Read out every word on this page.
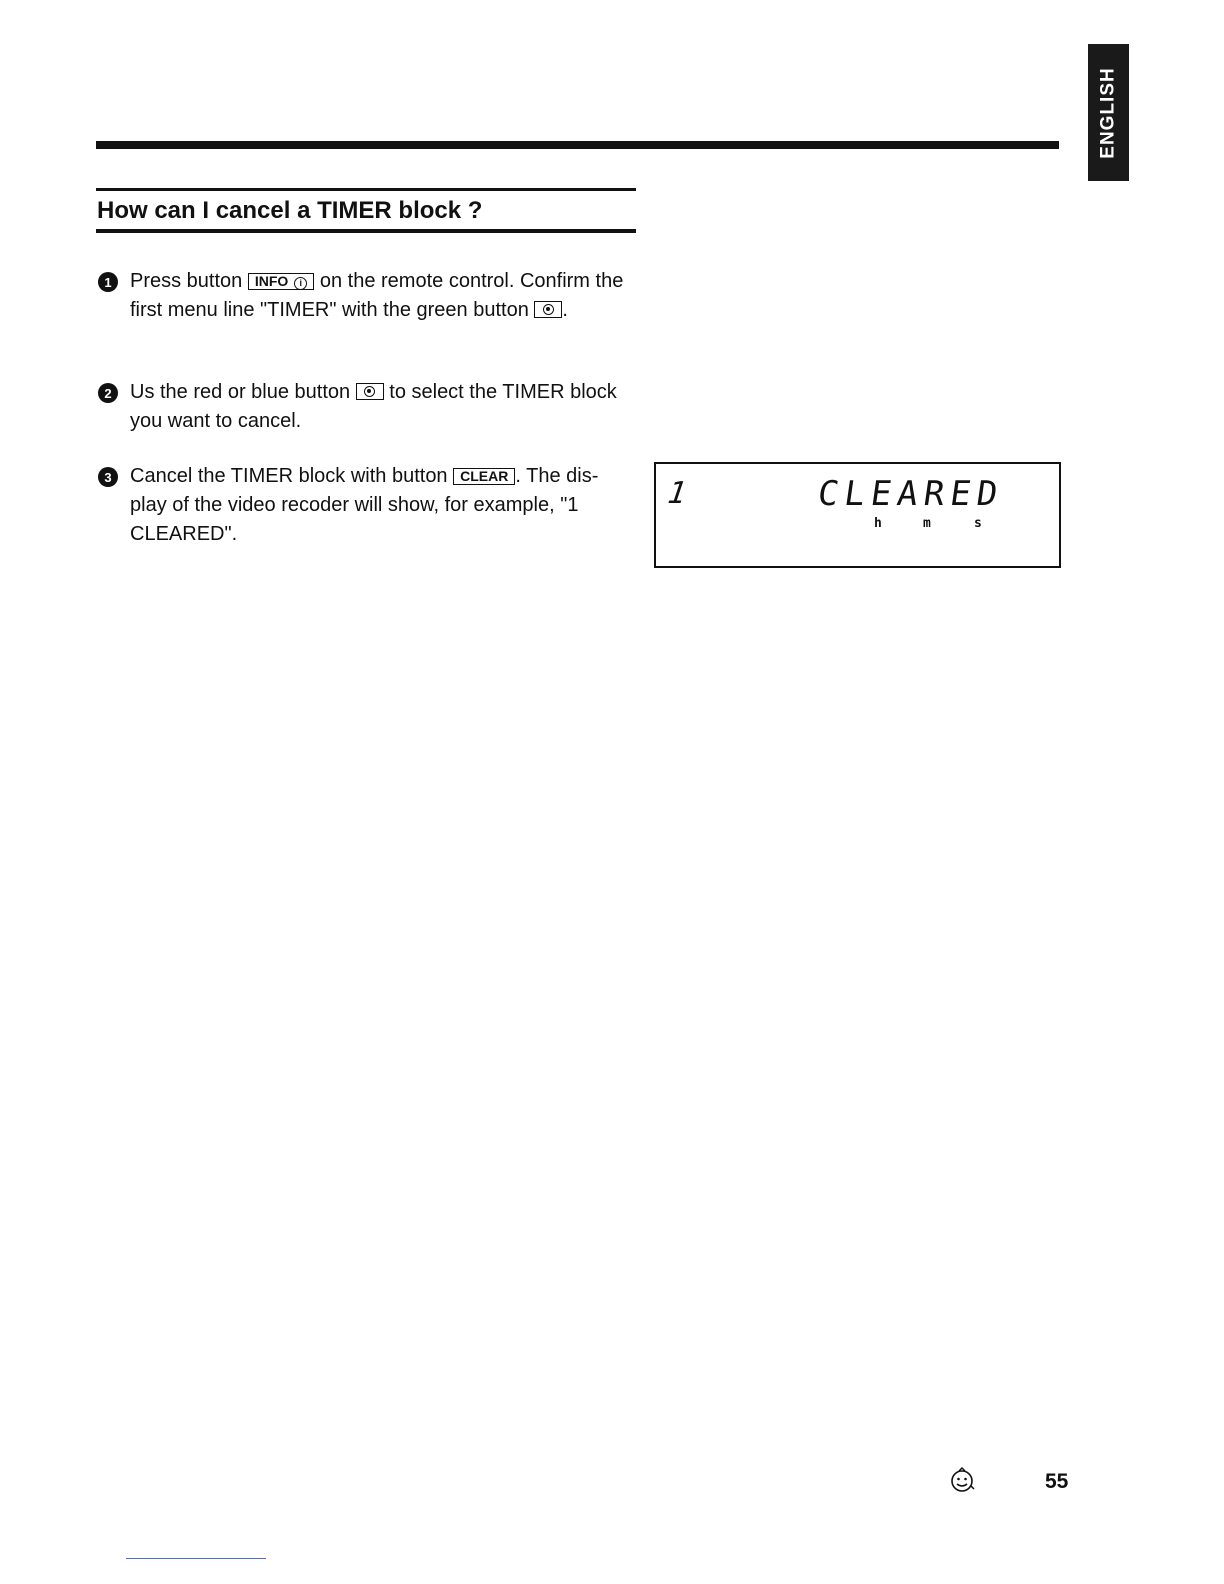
ENGLISH
How can I cancel a TIMER block ?
1 Press button INFO i on the remote control. Confirm the first menu line "TIMER" with the green button
.
2 Us the red or blue button
to select the TIMER block you want to cancel.
3 Cancel the TIMER block with button CLEAR . The dis- play of the video recoder will show, for example, "1 CLEARED".
1	CLEARED
h	m	s
55
